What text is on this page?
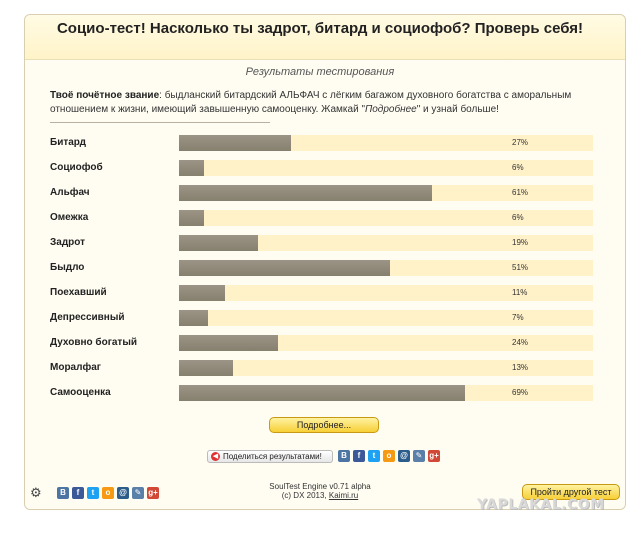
Социо-тест! Насколько ты задрот, битард и социофоб? Проверь себя!
Результаты тестирования
Твоё почётное звание: быдланский битардский АЛЬФАЧ с лёгким багажом духовного богатства с аморальным отношением к жизни, имеющий завышенную самооценку. Жамкай "Подробнее" и узнай больше!
Битард	27%
Социофоб	6%
Альфач	61%
Омежка	6%
Задрот	19%
Быдло	51%
Поехавший	11%
Депрессивный	7%
Духовно богатый	24%
Моралфаг	13%
Самооценка	69%
Подробнее...
◀ Поделиться результатами!	В	f	t	о	@ ✎ g+
⚙	В	f	t	о	@ ✎ g+
SoulTest Engine v0.71 alpha
(c) DX 2013, Kaimi.ru	Пройти другой тест
YAPLAKAL.COM
